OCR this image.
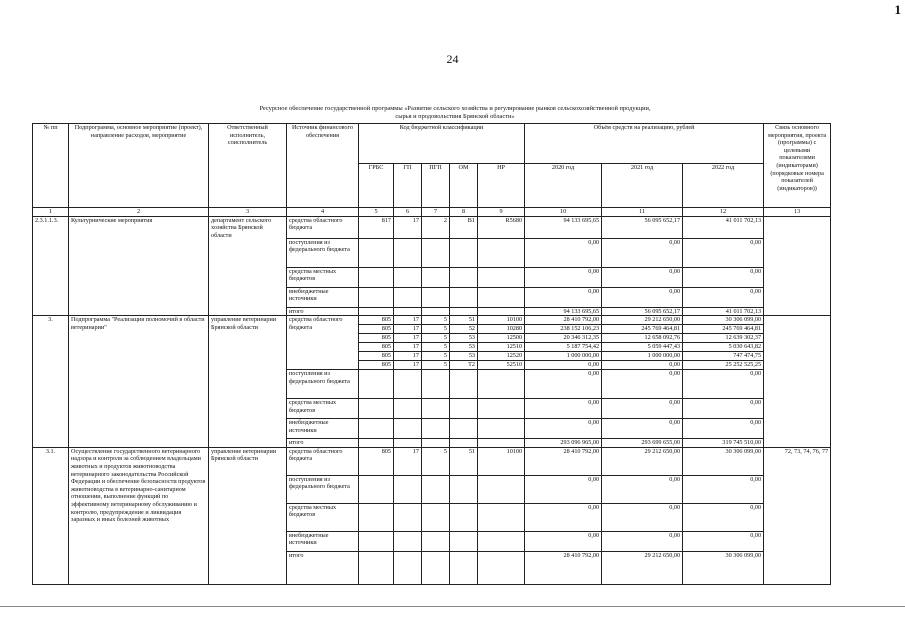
1
24
Ресурсное обеспечение государственной программы «Развитие сельского хозяйства и регулирование рынков сельскохозяйственной продукции,
сырья и продовольствия Брянской области»
№ пп	Подпрограмма, основное мероприятие (проект), направление расходов, мероприятие	Ответственный исполнитель, соисполнитель	Источник финансового обеспечения	Код бюджетной классификации					Объём средств на реализацию, рублей			Связь основного мероприятия, проекта (программы) с целевыми показателями (индикаторами) (порядковые номера показателей (индикаторов))
				ГРБС	ГП	ПГП	ОМ	НР	2020 год	2021 год	2022 год	
1	2	3	4	5	6	7	8	9	10	11	12	13
2.3.1.1.3.	Культурнические мероприятия	департамент сельского хозяйства Брянской области	средства областного бюджета	817	17	2	В1	R5680	94 133 695,65	56 095 652,17	41 011 702,13	
			поступления из федерального бюджета						0,00	0,00	0,00	
			средства местных бюджетов						0,00	0,00	0,00	
			внебюджетные источники						0,00	0,00	0,00	
			итого						94 133 695,65	56 095 652,17	41 011 702,13	
3.	Подпрограмма "Реализация полномочий в области ветеринарии"	управление ветеринарии Брянской области	средства областного бюджета	805	17	5	51	10100	28 410 792,00	29 212 650,00	30 306 099,00	
				805	17	5	52	10280	238 152 106,23	245 769 464,81	245 769 464,81	
				805	17	5	53	12500	20 346 312,35	12 658 092,76	12 639 302,37	
				805	17	5	53	12510	5 187 754,42	5 059 447,43	5 030 643,82	
				805	17	5	53	12520	1 000 000,00	1 000 000,00	747 474,75	
				805	17	5	Т2	52510	0,00	0,00	25 252 525,25	
			поступления из федерального бюджета						0,00	0,00	0,00	
			средства местных бюджетов						0,00	0,00	0,00	
			внебюджетные источники						0,00	0,00	0,00	
			итого						293 096 965,00	293 699 655,00	319 745 510,00	
3.1.	Осуществление государственного ветеринарного надзора и контроля за соблюдением владельцами животных и продуктов животноводства ветеринарного законодательства Российской Федерации и обеспечение безопасности продуктов животноводства в ветеринарно-санитарном отношении, выполнение функций по эффективному ветеринарному обслуживанию и контролю, предупреждение и ликвидация заразных и иных болезней животных	управление ветеринарии Брянской области	средства областного бюджета	805	17	5	51	10100	28 410 792,00	29 212 650,00	30 306 099,00	72, 73, 74, 76, 77
			поступления из федерального бюджета						0,00	0,00	0,00	
			средства местных бюджетов						0,00	0,00	0,00	
			внебюджетные источники						0,00	0,00	0,00	
			итого						28 410 792,00	29 212 650,00	30 306 099,00	
